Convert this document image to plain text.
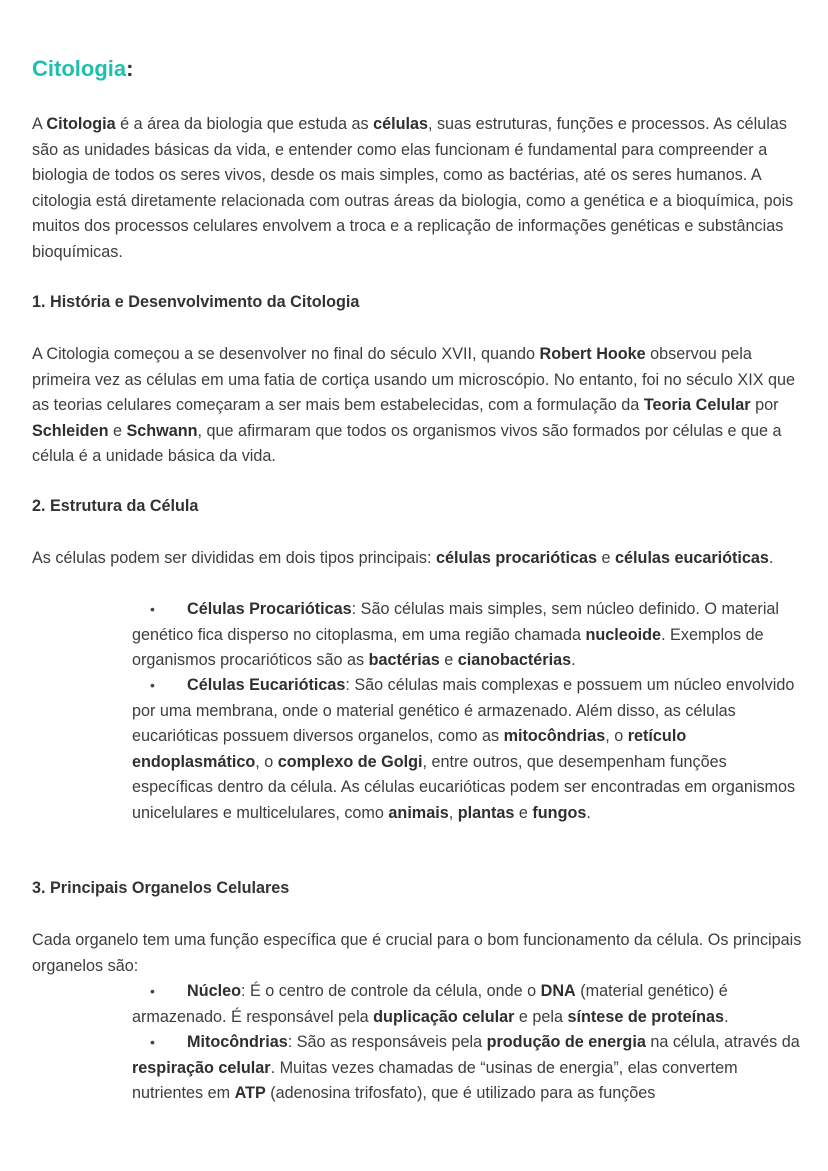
Citologia:

A Citologia é a área da biologia que estuda as células, suas estruturas, funções e processos. As células são as unidades básicas da vida, e entender como elas funcionam é fundamental para compreender a biologia de todos os seres vivos, desde os mais simples, como as bactérias, até os seres humanos. A citologia está diretamente relacionada com outras áreas da biologia, como a genética e a bioquímica, pois muitos dos processos celulares envolvem a troca e a replicação de informações genéticas e substâncias bioquímicas.

1. História e Desenvolvimento da Citologia

A Citologia começou a se desenvolver no final do século XVII, quando Robert Hooke observou pela primeira vez as células em uma fatia de cortiça usando um microscópio. No entanto, foi no século XIX que as teorias celulares começaram a ser mais bem estabelecidas, com a formulação da Teoria Celular por Schleiden e Schwann, que afirmaram que todos os organismos vivos são formados por células e que a célula é a unidade básica da vida.

2. Estrutura da Célula

As células podem ser divididas em dois tipos principais: células procarióticas e células eucarióticas.

• Células Procarióticas: São células mais simples, sem núcleo definido. O material genético fica disperso no citoplasma, em uma região chamada nucleoide. Exemplos de organismos procarióticos são as bactérias e cianobactérias.

• Células Eucarióticas: São células mais complexas e possuem um núcleo envolvido por uma membrana, onde o material genético é armazenado. Além disso, as células eucarióticas possuem diversos organelos, como as mitocôndrias, o retículo endoplasmático, o complexo de Golgi, entre outros, que desempenham funções específicas dentro da célula. As células eucarióticas podem ser encontradas em organismos unicelulares e multicelulares, como animais, plantas e fungos.

3. Principais Organelos Celulares

Cada organelo tem uma função específica que é crucial para o bom funcionamento da célula. Os principais organelos são:

• Núcleo: É o centro de controle da célula, onde o DNA (material genético) é armazenado. É responsável pela duplicação celular e pela síntese de proteínas.

• Mitocôndrias: São as responsáveis pela produção de energia na célula, através da respiração celular. Muitas vezes chamadas de “usinas de energia”, elas convertem nutrientes em ATP (adenosina trifosfato), que é utilizado para as funções
